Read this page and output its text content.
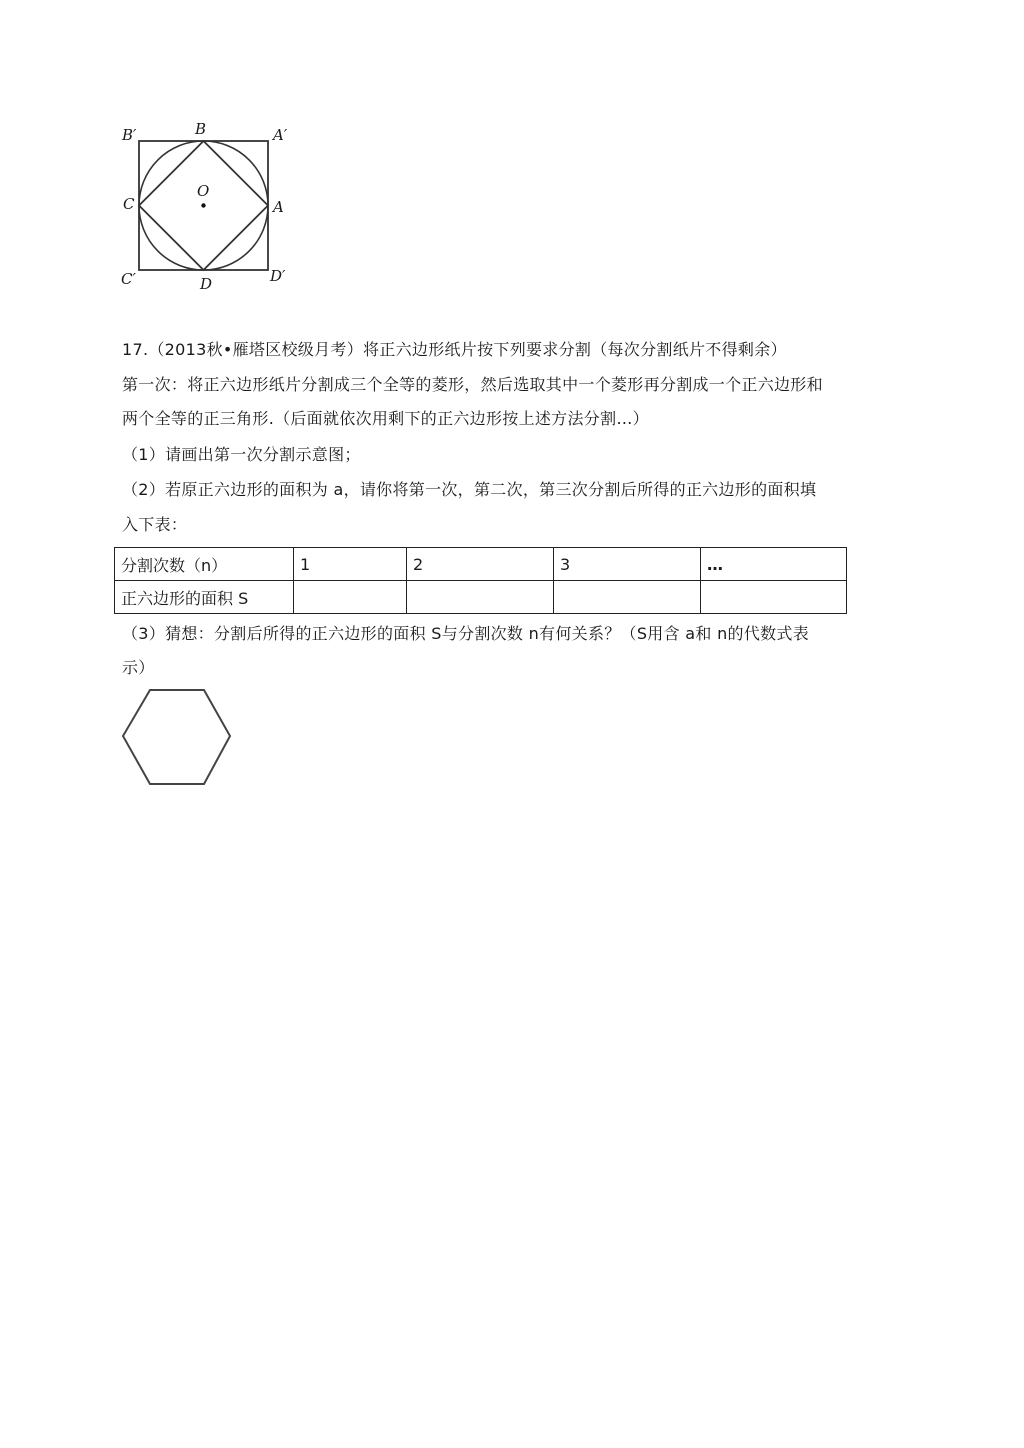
B′	B	A′
C
O
A
C′	D	D′
17.（2013秋•雁塔区校级月考）将正六边形纸片按下列要求分割（每次分割纸片不得剩余）
第一次：将正六边形纸片分割成三个全等的菱形，然后选取其中一个菱形再分割成一个正六边形和
两个全等的正三角形.（后面就依次用剩下的正六边形按上述方法分割…）
（1）请画出第一次分割示意图；
（2）若原正六边形的面积为 a，请你将第一次，第二次，第三次分割后所得的正六边形的面积填
入下表：
分割次数（n）	1	2	3	…
正六边形的面积 S				
（3）猜想：分割后所得的正六边形的面积 S与分割次数 n有何关系？（S用含 a和 n的代数式表
示）
